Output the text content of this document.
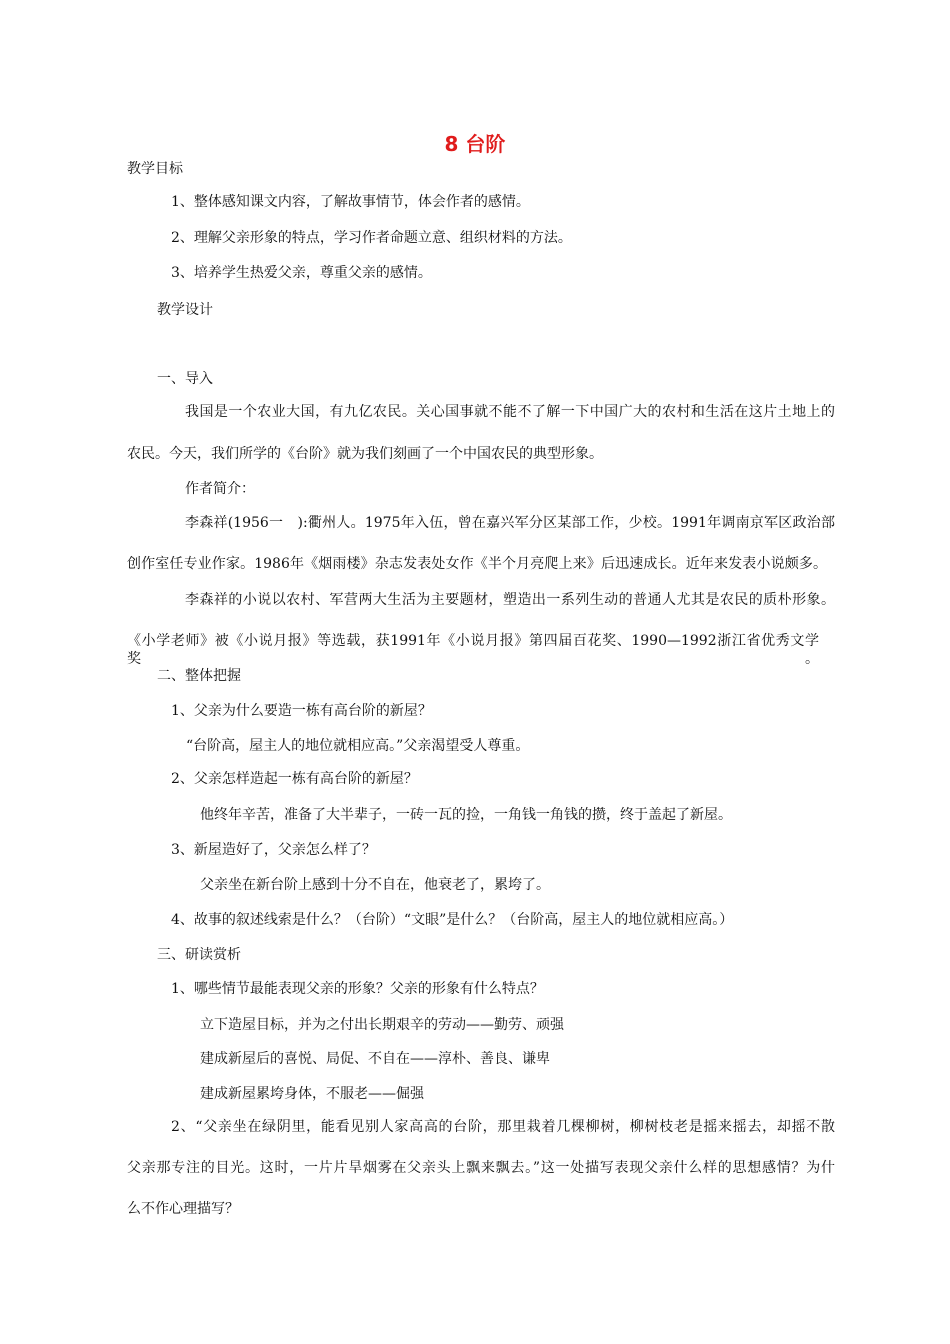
8 台阶
教学目标
1、整体感知课文内容，了解故事情节，体会作者的感情。
2、理解父亲形象的特点，学习作者命题立意、组织材料的方法。
3、培养学生热爱父亲，尊重父亲的感情。
教学设计
一、导入
我国是一个农业大国，有九亿农民。关心国事就不能不了解一下中国广大的农村和生活在这片土地上的
农民。今天，我们所学的《台阶》就为我们刻画了一个中国农民的典型形象。
作者简介：
李森祥(1956一　):衢州人。1975年入伍，曾在嘉兴军分区某部工作，少校。1991年调南京军区政治部
创作室任专业作家。1986年《烟雨楼》杂志发表处女作《半个月亮爬上来》后迅速成长。近年来发表小说颇多。
李森祥的小说以农村、军营两大生活为主要题材，塑造出一系列生动的普通人尤其是农民的质朴形象。
《小学老师》被《小说月报》等选载，获1991年《小说月报》第四届百花奖、1990—1992浙江省优秀文学奖。
二、整体把握
1、父亲为什么要造一栋有高台阶的新屋？
“台阶高，屋主人的地位就相应高。”父亲渴望受人尊重。
2、父亲怎样造起一栋有高台阶的新屋？
他终年辛苦，准备了大半辈子，一砖一瓦的捡，一角钱一角钱的攒，终于盖起了新屋。
3、新屋造好了，父亲怎么样了？
父亲坐在新台阶上感到十分不自在，他衰老了，累垮了。
4、故事的叙述线索是什么？（台阶）“文眼”是什么？（台阶高，屋主人的地位就相应高。）
三、研读赏析
1、哪些情节最能表现父亲的形象？父亲的形象有什么特点？
立下造屋目标，并为之付出长期艰辛的劳动——勤劳、顽强
建成新屋后的喜悦、局促、不自在——淳朴、善良、谦卑
建成新屋累垮身体，不服老——倔强
2、“父亲坐在绿阴里，能看见别人家高高的台阶，那里栽着几棵柳树，柳树枝老是摇来摇去，却摇不散
父亲那专注的目光。这时，一片片旱烟雾在父亲头上飘来飘去。”这一处描写表现父亲什么样的思想感情？为什
么不作心理描写？
